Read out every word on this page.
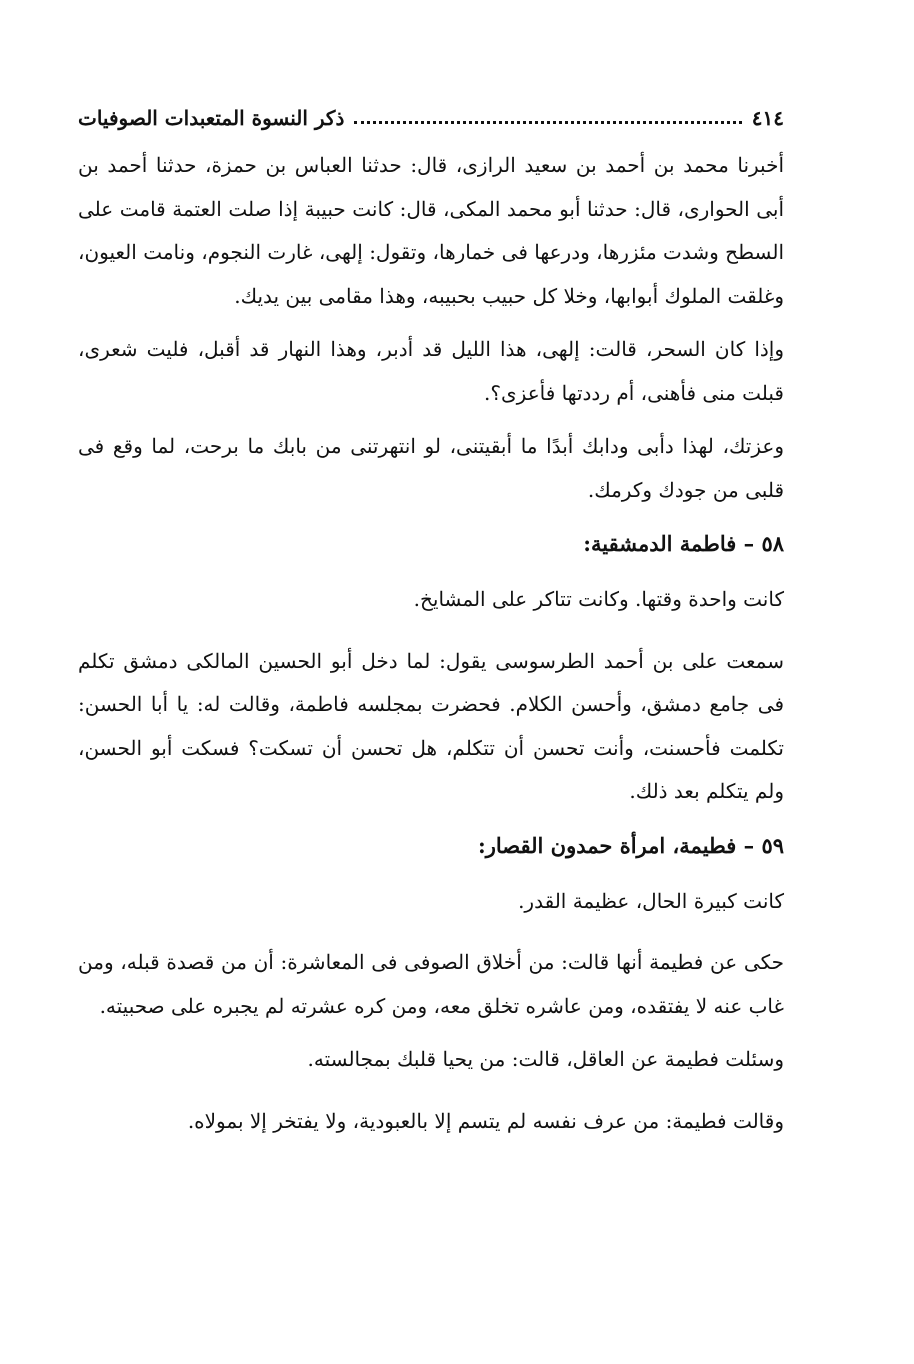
٤١٤
ذكر النسوة المتعبدات الصوفيات

أخبرنا محمد بن أحمد بن سعيد الرازى، قال: حدثنا العباس بن حمزة، حدثنا أحمد بن أبى الحوارى، قال: حدثنا أبو محمد المكى، قال: كانت حبيبة إذا صلت العتمة قامت على السطح وشدت مئزرها، ودرعها فى خمارها، وتقول: إلهى، غارت النجوم، ونامت العيون، وغلقت الملوك أبوابها، وخلا كل حبيب بحبيبه، وهذا مقامى بين يديك.

وإذا كان السحر، قالت: إلهى، هذا الليل قد أدبر، وهذا النهار قد أقبل، فليت شعرى، قبلت منى فأهنى، أم رددتها فأعزى؟.

وعزتك، لهذا دأبى ودابك أبدًا ما أبقيتنى، لو انتهرتنى من بابك ما برحت، لما وقع فى قلبى من جودك وكرمك.

٥٨ – فاطمة الدمشقية:

كانت واحدة وقتها. وكانت تتاكر على المشايخ.

سمعت على بن أحمد الطرسوسى يقول: لما دخل أبو الحسين المالكى دمشق تكلم فى جامع دمشق، وأحسن الكلام. فحضرت بمجلسه فاطمة، وقالت له: يا أبا الحسن: تكلمت فأحسنت، وأنت تحسن أن تتكلم، هل تحسن أن تسكت؟ فسكت أبو الحسن، ولم يتكلم بعد ذلك.

٥٩ – فطيمة، امرأة حمدون القصار:

كانت كبيرة الحال، عظيمة القدر.

حكى عن فطيمة أنها قالت: من أخلاق الصوفى فى المعاشرة: أن من قصدة قبله، ومن غاب عنه لا يفتقده، ومن عاشره تخلق معه، ومن كره عشرته لم يجبره على صحبيته.

وسئلت فطيمة عن العاقل، قالت: من يحيا قلبك بمجالسته.

وقالت فطيمة: من عرف نفسه لم يتسم إلا بالعبودية، ولا يفتخر إلا بمولاه.
